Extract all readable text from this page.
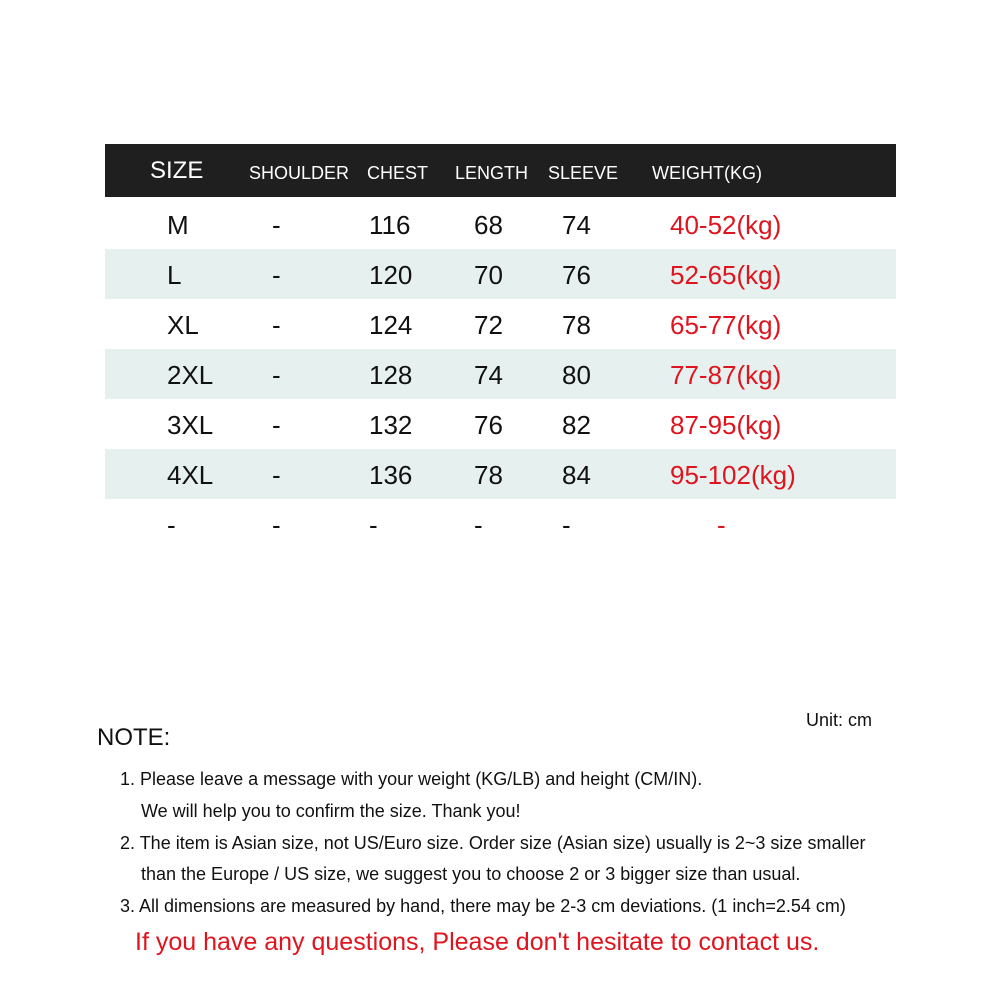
SIZE	SHOULDER CHEST LENGTH SLEEVE WEIGHT(KG)
M	-	116 68 74	40-52(kg)
L	-	120 70 76	52-65(kg)
XL	-	124 72 78	65-77(kg)
2XL -	128 74 80	77-87(kg)
3XL -	132 76 82	87-95(kg)
4XL -	136 78 84	95-102(kg)
-	-	-	-	-	-
Unit: cm
NOTE:
1. Please leave a message with your weight (KG/LB) and height (CM/IN).
We will help you to confirm the size. Thank you!
2. The item is Asian size, not US/Euro size. Order size (Asian size) usually is 2~3 size smaller
than the Europe / US size, we suggest you to choose 2 or 3 bigger size than usual.
3. All dimensions are measured by hand, there may be 2-3 cm deviations. (1 inch=2.54 cm)
If you have any questions, Please don't hesitate to contact us.
